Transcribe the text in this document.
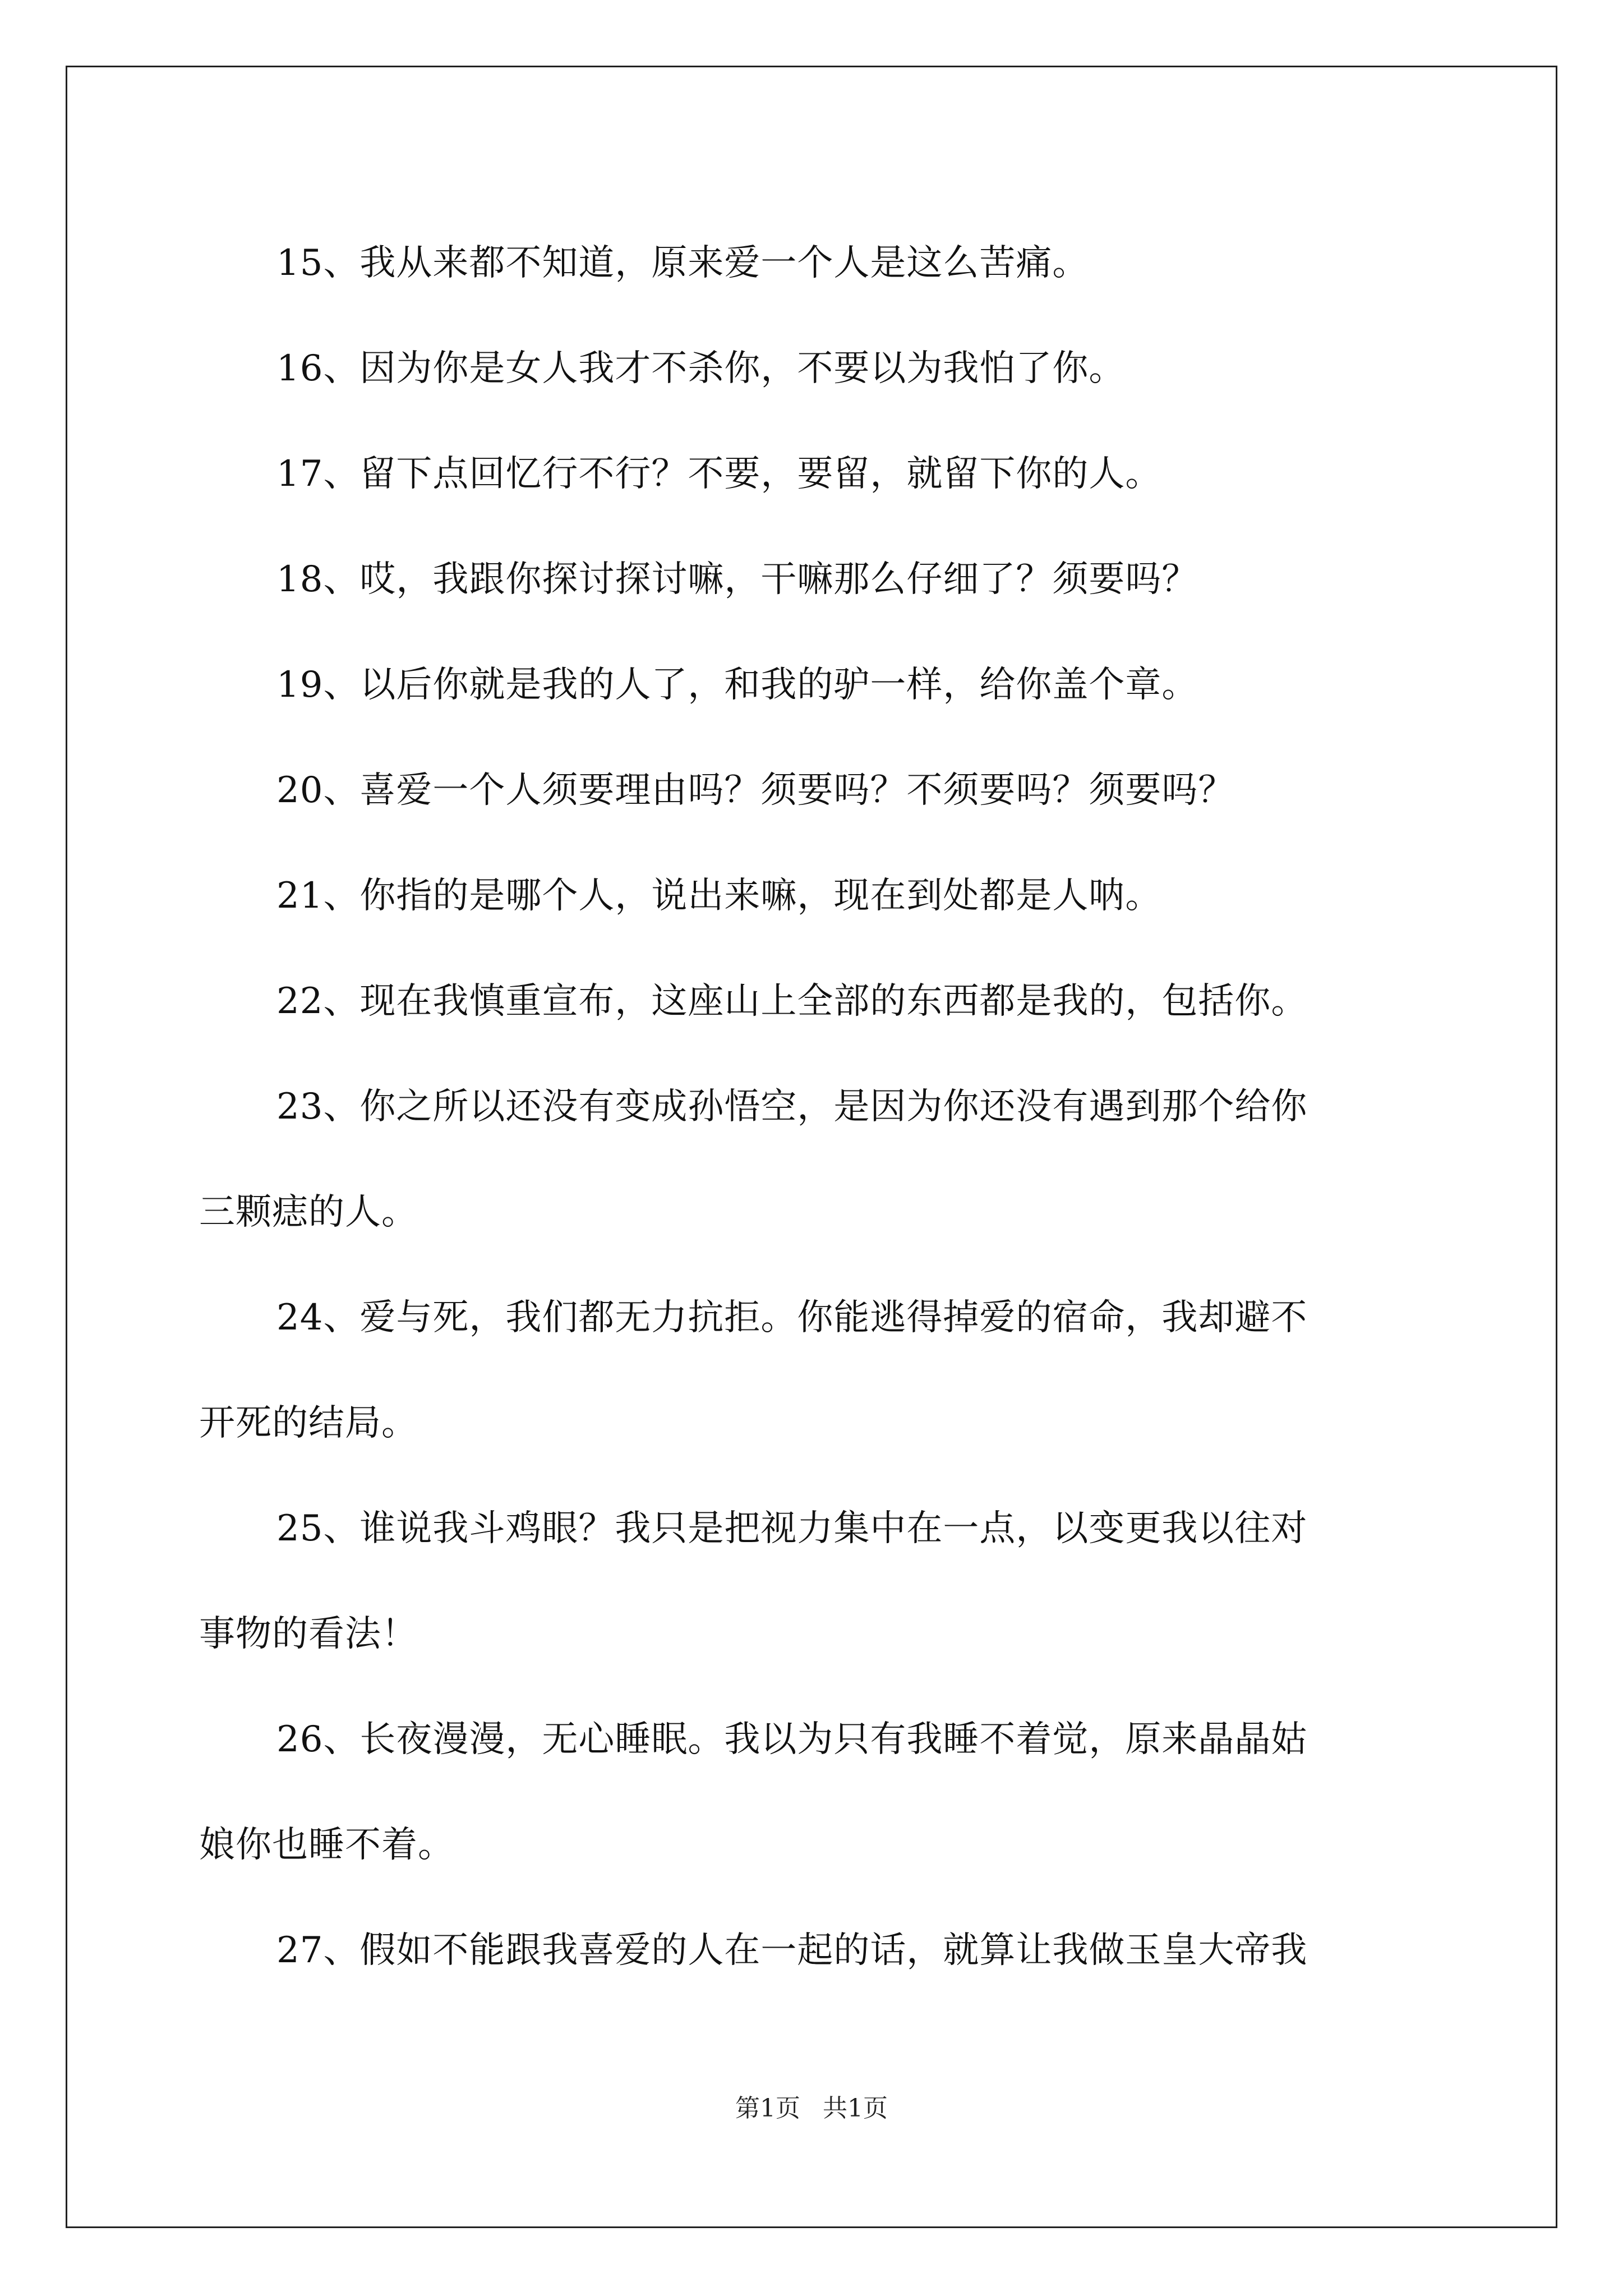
15、我从来都不知道，原来爱一个人是这么苦痛。

16、因为你是女人我才不杀你，不要以为我怕了你。

17、留下点回忆行不行？不要，要留，就留下你的人。

18、哎，我跟你探讨探讨嘛，干嘛那么仔细了？须要吗？

19、以后你就是我的人了，和我的驴一样，给你盖个章。

20、喜爱一个人须要理由吗？须要吗？不须要吗？须要吗？

21、你指的是哪个人，说出来嘛，现在到处都是人呐。

22、现在我慎重宣布，这座山上全部的东西都是我的，包括你。

23、你之所以还没有变成孙悟空，是因为你还没有遇到那个给你
三颗痣的人。

24、爱与死，我们都无力抗拒。你能逃得掉爱的宿命，我却避不
开死的结局。

25、谁说我斗鸡眼？我只是把视力集中在一点，以变更我以往对
事物的看法！

26、长夜漫漫，无心睡眠。我以为只有我睡不着觉，原来晶晶姑
娘你也睡不着。

27、假如不能跟我喜爱的人在一起的话，就算让我做玉皇大帝我

第1页 共1页
